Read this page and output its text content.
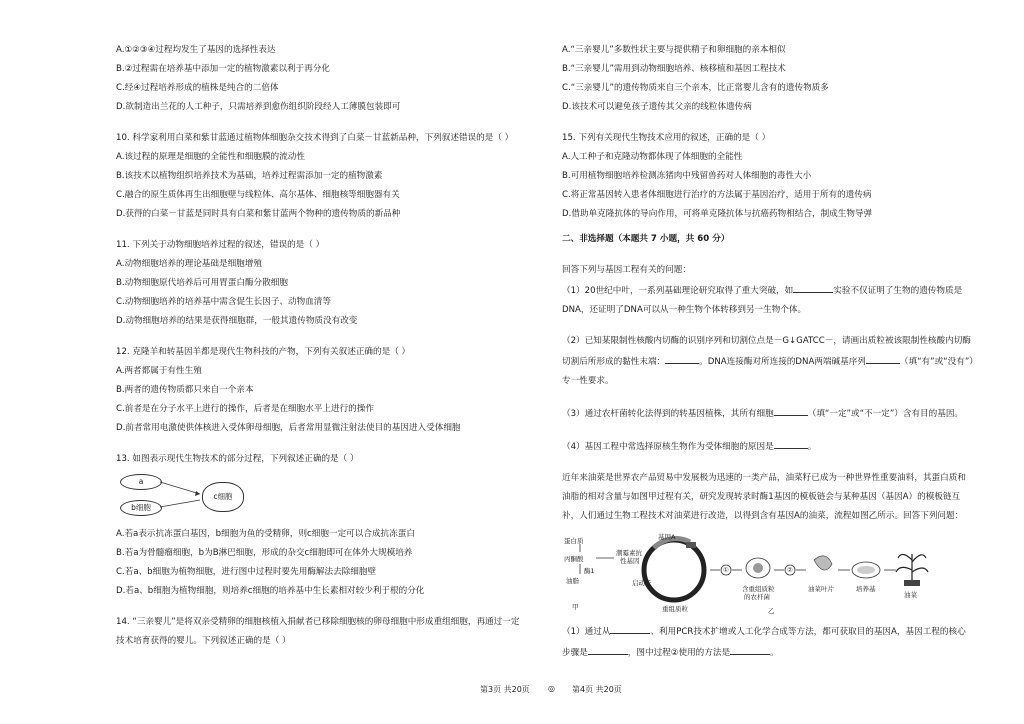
A.①②③④过程均发生了基因的选择性表达
B.②过程需在培养基中添加一定的植物激素以利于再分化
C.经④过程培养形成的植株是纯合的二倍体
D.欲制造出兰花的人工种子，只需培养到愈伤组织阶段经人工薄膜包装即可
10. 科学家利用白菜和紫甘蓝通过植物体细胞杂交技术得到了白菜－甘蓝新品种，下列叙述错误的是（ ）
A.该过程的原理是细胞的全能性和细胞膜的流动性
B.该技术以植物组织培养技术为基础，培养过程需添加一定的植物激素
C.融合的原生质体再生出细胞壁与线粒体、高尔基体、细胞核等细胞器有关
D.获得的白菜－甘蓝是同时具有白菜和紫甘蓝两个物种的遗传物质的新品种
11. 下列关于动物细胞培养过程的叙述，错误的是（ ）
A.动物细胞培养的理论基础是细胞增殖
B.动物细胞原代培养后可用胃蛋白酶分散细胞
C.动物细胞培养的培养基中需含促生长因子、动物血清等
D.动物细胞培养的结果是获得细胞群，一般其遗传物质没有改变
12. 克隆羊和转基因羊都是现代生物科技的产物，下列有关叙述正确的是（ ）
A.两者都属于有性生殖
B.两者的遗传物质都只来自一个亲本
C.前者是在分子水平上进行的操作，后者是在细胞水平上进行的操作
D.前者常用电激使供体核进入受体卵母细胞，后者常用显微注射法使目的基因进入受体细胞
13. 如图表示现代生物技术的部分过程，下列叙述正确的是（ ）
a
b细胞
c细胞
A.若a表示抗冻蛋白基因，b细胞为鱼的受精卵，则c细胞一定可以合成抗冻蛋白
B.若a为骨髓瘤细胞，b为B淋巴细胞，形成的杂交c细胞即可在体外大规模培养
C.若a、b细胞为植物细胞，进行图中过程时要先用酶解法去除细胞壁
D.若a、b细胞为植物细胞，则培养c细胞的培养基中生长素相对较少利于根的分化
14. “三亲婴儿”是将双亲受精卵的细胞核植入捐献者已移除细胞核的卵母细胞中形成重组细胞，再通过一定
技术培育获得的婴儿。下列叙述正确的是（ ）
A.“三亲婴儿”多数性状主要与提供精子和卵细胞的亲本相似
B.“三亲婴儿”需用到动物细胞培养、核移植和基因工程技术
C.“三亲婴儿”的遗传物质来自三个亲本，比正常婴儿含有的遗传物质多
D.该技术可以避免孩子遗传其父亲的线粒体遗传病
15. 下列有关现代生物技术应用的叙述，正确的是（ ）
A.人工种子和克隆动物都体现了体细胞的全能性
B.可用植物细胞培养检测冻猪肉中残留兽药对人体细胞的毒性大小
C.将正常基因转入患者体细胞进行治疗的方法属于基因治疗，适用于所有的遗传病
D.借助单克隆抗体的导向作用，可将单克隆抗体与抗癌药物相结合，制成生物导弹
二、非选择题（本题共 7 小题，共 60 分）
回答下列与基因工程有关的问题：
（1）20世纪中叶，一系列基础理论研究取得了重大突破，如	实验不仅证明了生物的遗传物质是
DNA，还证明了DNA可以从一种生物个体转移到另一生物个体。
（2）已知某限制性核酸内切酶的识别序列和切割位点是－G↓GATCC－，请画出质粒被该限制性核酸内切酶
切割后所形成的黏性末端：	。DNA连接酶对所连接的DNA两端碱基序列	（填“有”或“没有”）
专一性要求。
（3）通过农杆菌转化法得到的转基因植株，其所有细胞	（填“一定”或“不一定”）含有目的基因。
（4）基因工程中常选择原核生物作为受体细胞的原因是	。
近年来油菜是世界农产品贸易中发展极为迅速的一类产品，油菜籽已成为一种世界性重要油料，其蛋白质和
油脂的相对含量与如图甲过程有关，研究发现转录时酶1基因的模板链会与某种基因（基因A）的模板链互
补，人们通过生物工程技术对油菜进行改造，以得到含有基因A的油菜，流程如图乙所示。回答下列问题：
蛋白质
丙酮酸
酶1
油脂
潮霉素抗
性基因
基因A
启动子
重组质粒
①	②
含重组质粒
的农杆菌
油菜叶片	培养基
油菜
甲	乙
（1）通过从	、利用PCR技术扩增或人工化学合成等方法，都可获取目的基因A，基因工程的核心
步骤是	，图中过程②使用的方法是	。
第3页 共20页 ◎ 第4页 共20页
